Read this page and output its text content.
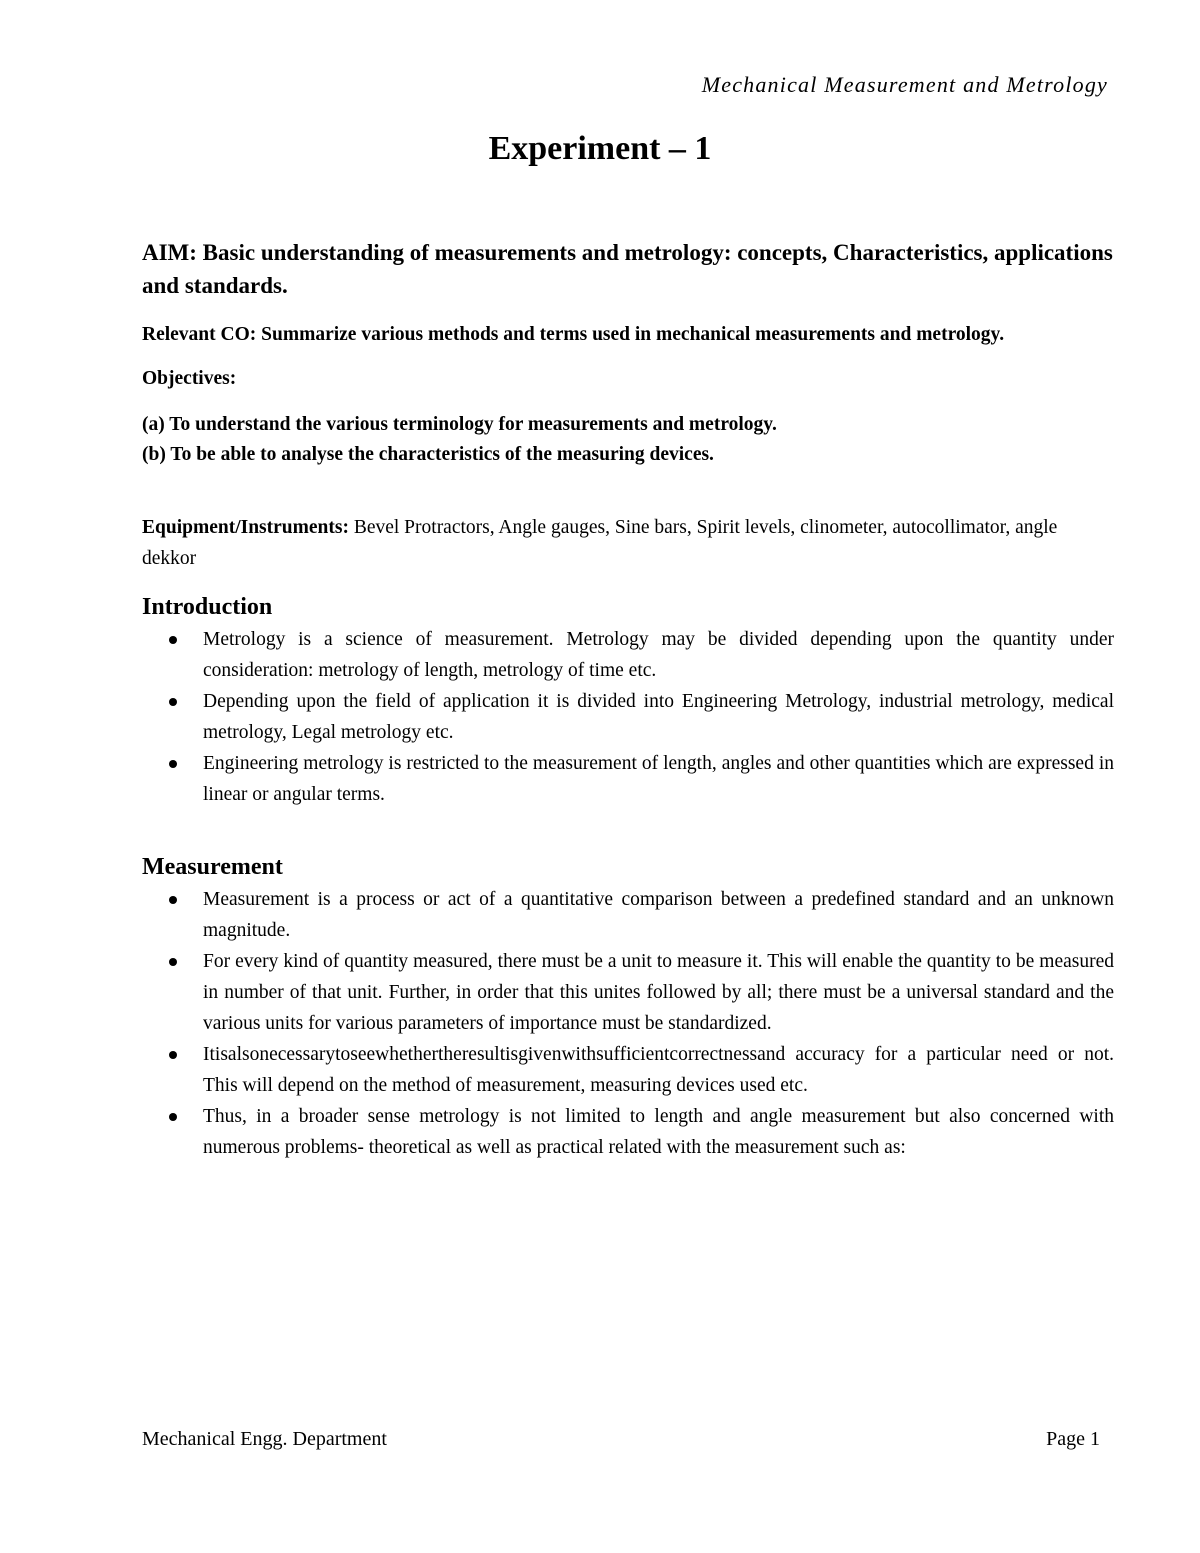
Mechanical Measurement and Metrology
Experiment – 1

AIM: Basic understanding of measurements and metrology: concepts, Characteristics, applications and standards.

Relevant CO: Summarize various methods and terms used in mechanical measurements and metrology.

Objectives:

(a) To understand the various terminology for measurements and metrology.

(b) To be able to analyse the characteristics of the measuring devices.

Equipment/Instruments: Bevel Protractors, Angle gauges, Sine bars, Spirit levels, clinometer, autocollimator, angle dekkor

Introduction
Metrology is a science of measurement. Metrology may be divided depending upon the quantity under consideration: metrology of length, metrology of time etc.
Depending upon the field of application it is divided into Engineering Metrology, industrial metrology, medical metrology, Legal metrology etc.
Engineering metrology is restricted to the measurement of length, angles and other quantities which are expressed in linear or angular terms.
Measurement
Measurement is a process or act of a quantitative comparison between a predefined standard and an unknown magnitude.
For every kind of quantity measured, there must be a unit to measure it. This will enable the quantity to be measured in number of that unit. Further, in order that this unites followed by all; there must be a universal standard and the various units for various parameters of importance must be standardized.
Itisalsonecessarytoseewhethertheresultisgivenwithsufficientcorrectnessand accuracy for a particular need or not. This will depend on the method of measurement, measuring devices used etc.
Thus, in a broader sense metrology is not limited to length and angle measurement but also concerned with numerous problems- theoretical as well as practical related with the measurement such as:
Mechanical Engg. Department	Page 1
